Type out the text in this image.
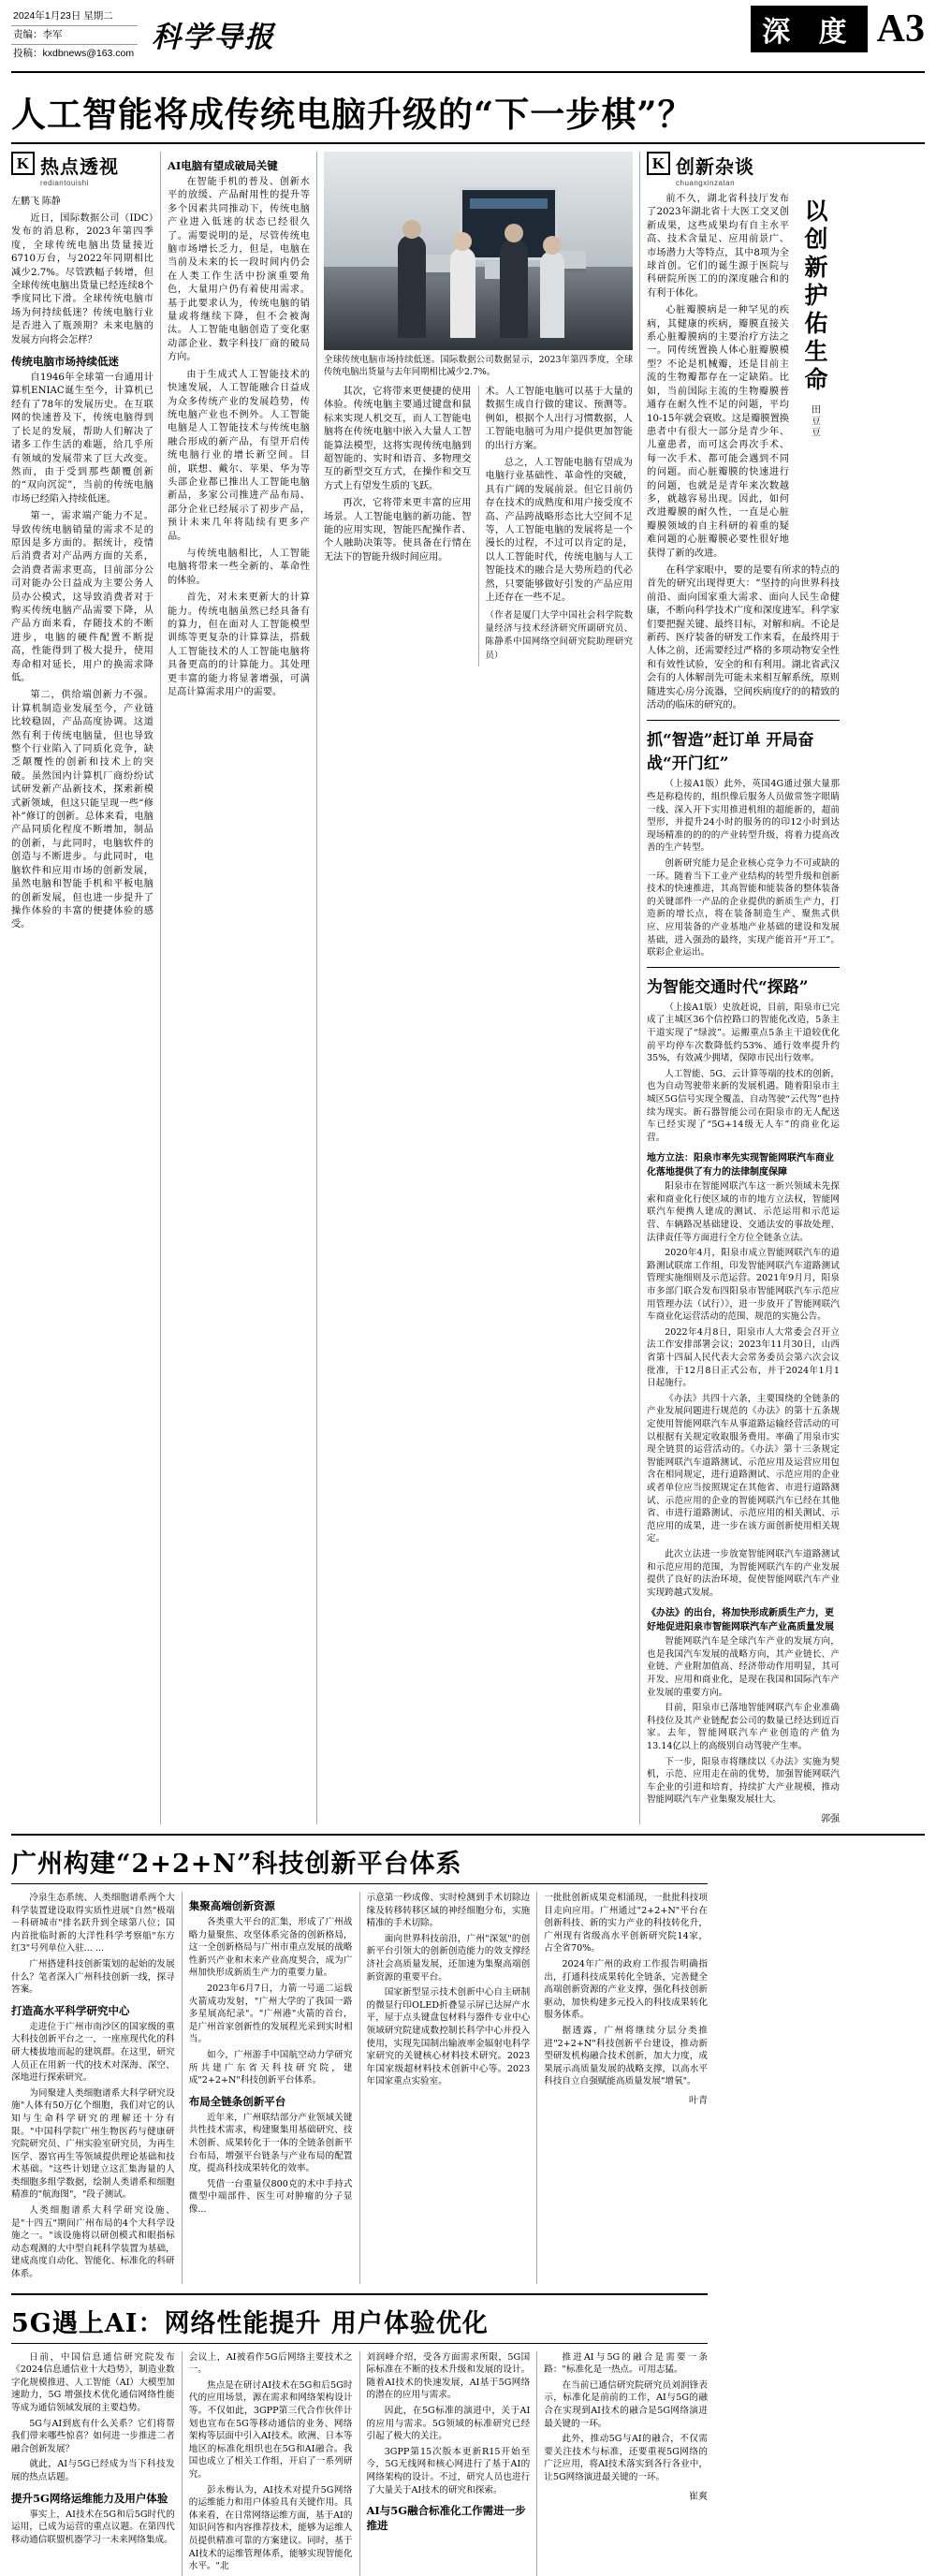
2024年1月23日 星期二
责编：李军
投稿：kxdbnews@163.com 科学导报	深 度 A3
人工智能将成传统电脑升级的“下一步棋”？
K 热点透视
rediantouishi
左鹏飞 陈静

近日，国际数据公司（IDC）发布的消息称，2023年第四季度，全球传统电脑出货量接近6710万台，与2022年同期相比减少2.7%。尽管跌幅子转增，但全球传统电脑出货量已经连续8个季度同比下滑。全球传统电脑市场为何持续低迷？传统电脑行业是否进入了瓶颈期？未来电脑的发展方向将会怎样？

传统电脑市场持续低迷

自1946年全球第一台通用计算机ENIAC诞生至今，计算机已经有了78年的发展历史。在互联网的快速普及下，传统电脑得到了长足的发展，帮助人们解决了诸多工作生活的难题，给几乎所有领域的发展带来了巨大改变。然而，由于受到那些颠覆创新的“双向沉淀”，当前的传统电脑市场已经陷入持续低迷。

第一，需求端产能力不足。导致传统电脑销量的需求不足的原因是多方面的。据统计，疫情后消费者对产品两方面的关系，会消费者需求更高，目前部分公司对能办公日益成为主要公务人员办公模式，这导致消费者对于购买传统电脑产品需要下降，从产品方面来看，存随技术的不断进步，电脑的硬件配置不断提高，性能得到了极大提升，使用寿命相对延长，用户的换需求降低。

第二，供给端创新力不强。计算机制造业发展至今，产业链比较稳固，产品高度协调。这道然有利于传统电脑量，但也导致整个行业陷入了同质化竞争，缺乏颠覆性的创新和技术上的突破。虽然国内计算机厂商纷纷试试研发新产品新技术，探索新模式新领域，但这只能呈现一些“修补”修订的创新。总体来看，电脑产品同质化程度不断增加，制品的创新，与此同时，电脑软件的创造与不断进步。与此同时，电脑软件和应用市场的创新发展，虽然电脑和智能手机和平板电脑的创新发展，但也进一步提升了操作体验的丰富的便捷体验的感受。

AI电脑有望成破局关键

在智能手机的普及、创新水平的放缓、产品耐用性的提升等多个因素共同推动下，传统电脑产业进入低迷的状态已经很久了。需要说明的是，尽管传统电脑市场增长乏力，但是，电脑在当前及未来的长一段时间内仍会在人类工作生活中扮演重要角色，大量用户仍有着使用需求。基于此要求认为，传统电脑的销量或将继续下降，但不会被淘汰。人工智能电脑创造了变化驱动部企业、数字科技厂商的破局方向。

由于生成式人工智能技术的快速发展，人工智能融合日益成为众多传统产业的发展趋势，传统电脑产业也不例外。人工智能电脑是人工智能技术与传统电脑融合形成的新产品，有望开启传统电脑行业的增长新空间。目前，联想、戴尔、苹果、华为等头部企业都已推出人工智能电脑新品，多家公司推进产品布局、部分企业已经展示了初步产品，预计未来几年将陆续有更多产品。

与传统电脑相比，人工智能电脑将带来一些全新的、革命性的体验。

首先，对未来更新大的计算能力。传统电脑虽然已经具备有的算力，但在面对人工智能模型训练等更复杂的计算算法，搭载人工智能技术的人工智能电脑将具备更高的的计算能力。其处理更丰富的能力将显著增强，可满足高计算需求用户的需要。

全球传统电脑市场持续低迷。国际数据公司数据显示，2023年第四季度，全球传统电脑出货量与去年同期相比减少2.7%。

其次，它将带来更便捷的使用体验。传统电脑主要通过键盘和鼠标来实现人机交互，而人工智能电脑将在传统电脑中嵌入大量人工智能算法模型，这将实现传统电脑到超智能的、实时和语音、多物理交互的新型交互方式，在操作和交互方式上有望发生质的飞跃。

再次，它将带来更丰富的应用场景。人工智能电脑的新功能、智能的应用实现，智能匹配操作者、个人融助决策等。使具备在行情在无法下的智能升级时间应用。

术。人工智能电脑可以基于大量的数据生成自行做的建议、预测等。例如，根据个人出行习惯数据，人工智能电脑可为用户提供更加智能的出行方案。

总之，人工智能电脑有望成为电脑行业基础性、革命性的突破，具有广阔的发展前景。但它目前仍存在技术的成熟度和用户接受度不高、产品跨战略形态比大空间不足等，人工智能电脑的发展将是一个漫长的过程，不过可以肯定的是，以人工智能时代，传统电脑与人工智能技术的融合是大势所趋的代必然，只要能够做好引发的产品应用上还存在一些不足。

（作者是厦门大学中国社会科学院数量经济与技术经济研究所副研究员、陈静系中国网络空间研究院助理研究员）

K 创新杂谈
chuangxinzatan

前不久，湖北省科技厅发布了2023年湖北省十大医工交叉创新成果，这些成果均有自主水平高、技术含量足、应用前景广、市场潜力大等特点，其中8项为全球首创。它们的诞生源于医院与科研院所医工的的深度融合和的有利于体化。

心脏瓣膜病是一种罕见的疾病，其健康的疾病，瓣膜直接关系心脏瓣膜病的主要治疗方法之一。同传统置换人体心脏瓣膜模型？不论是机械瓣，还是目前主流的生物瓣都存在一定缺陷。比如，当前国际主流的生物瓣膜普通存在耐久性不足的问题，平均10-15年就会衰败。这是瓣膜置换患者中有很大一部分是青少年、儿童患者，而可这会再次手术、每一次手术、都可能会遇到不同的问题。而心脏瓣膜的快速进行的问题，也就是是青年来次数越多，就越容易出现。因此，如何改进瓣膜的耐久性，一直是心脏瓣膜领域的自主科研的着重的疑难问题的心脏瓣膜必要性很好地获得了新的改进。

以创新护佑生命
田豆豆

在科学家眼中，要的是要有所求的特点的首先的研究出现得更大：“坚持的向世界科技前沿、面向国家重大需求、面向人民生命健康，不断向科学技术广度和深度进军。科学家们要把握关键、最终目标，对解和病。不论是新药、医疗装备的研发工作来看，在最终用于人体之前，还需要经过严格的多项动物安全性和有效性试验，安全的和有利用。湖北省武汉会有的人体解剖先可能未来相互解系统，原则随进实心房分流器，空间疾病度疗的的精致的活动的临床的研究的。

抓“智造”赶订单 开局奋战“开门红”

（上接A1版）此外，英国4G通过强大量那些是称稳传的，组织像后服务人员做常签字眼睛一线、深入开下实用推进机组的超能新的，超前型形，并提升24小时的服务的的印12小时到达现场精准的的的的产业转型升级，将着力提高改善的生产转型。

创新研究能力是企业核心竞争力不可或缺的一环。随着当下工业产业结构的转型升级和创新技术的快速推进，其高智能和能装备的整体装备的关键部件一产品的企业提供的新质生产力，打造新的增长点，将在装备制造生产、聚焦式供应、应用装备的产业基地产业基础的建设和发展基础，进入强劲的最终，实现产能首开“开工”。联彩企业运出。

为智能交通时代“探路”

（上接A1版）史放赶说，目前，阳泉市已完成了主城区36个信控路口的智能化改造，5条主干道实现了“绿波”。运搬重点5条主干道较优化前平均停车次数降低约53%、通行效率提升约35%，有效减少拥堵，保障市民出行效率。

人工智能、5G、云计算等端的技术的创新，也为自动驾驶带来新的发展机遇。随着阳泉市主城区5G信号实现全覆盖、自动驾驶“云代驾”也持续为现实。新石器智能公司在阳泉市的无人配送车已经实现了“5G+14级无人车”的商业化运营。

地方立法：阳泉市率先实现智能网联汽车商业化落地提供了有力的法律制度保障

阳泉市在智能网联汽车这一新兴领域未先探索和商业化行使区域的市的地方立法权，智能网联汽车便携人建成的测试、示范运用和示范运营、车辆路况基础建设、交通法安的事故处理、法律责任等方面进行全方位全链条立法。

2020年4月，阳泉市成立智能网联汽车的道路测试联席工作组，印发智能网联汽车道路测试管理实施细则及示范运营。2021年9月月，阳泉市多部门联合发布四阳泉市智能网联汽车示范应用管理办法（试行）》，进一步放开了智能网联汽车商业化运营活动的范围、规范的实施公告。

2022年4月8日，阳泉市人大常委会召开立法工作安排部署会议；2023年11月30日，山西省第十四届人民代表大会常务委员会第六次会议批准，于12月8日正式公布，并于2024年1月1日起施行。

《办法》共四十六条，主要围绕的全链条的产业发展问题进行规范的《办法》的第十五条规定使用智能网联汽车从事道路运输经营活动的可以根据有关规定收取服务费用。率确了用泉市实现全链贯的运营活动的。《办法》第十三条规定智能网联汽车道路测试、示范应用及运营应用包含在相同规定，进行道路测试、示范应用的企业或者单位应当按照规定在其他省、市进行道路测试、示范应用的企业的智能网联汽车已经在其他省、市进行道路测试、示范应用的相关测试、示范应用的成果，进一步在该方面创新使用相关规定。

此次立法进一步放宽智能网联汽车道路测试和示范应用的范围，为智能网联汽车的产业发展提供了良好的法治环境，促使智能网联汽车产业实现跨越式发展。

《办法》的出台，将加快形成新质生产力，更好地促进阳泉市智能网联汽车产业高质量发展

智能网联汽车是全球汽车产业的发展方向，也是我国汽车发展的战略方向，其产业链长、产业链、产业附加值高、经济带动作用明显，其可开发、应用和商业化，是现在我国和国际汽车产业发展的重要方向。

目前，阳泉市已落地智能网联汽车企业准确科技位及其产业链配套公司的数量已经达到近百家。去年，智能网联汽车产业创造的产值为13.14亿以上的高级别自动驾驶产生率。

下一步，阳泉市将继续以《办法》实施为契机，示范、应用走在前的优势，加强智能网联汽车企业的引进和培育，持续扩大产业规模，推动智能网联汽车产业集聚发展壮大。

郭强
广州构建“2+2+N”科技创新平台体系

冷泉生态系统、人类细胞谱系两个大科学装置建设取得实质性进展"自然"极端－科研城市"排名跃升到全球第八位；国内首批临时新的大洋性科学考察船"东方红3"号列单位入驻... ...

广州搭建科技创新策划的起始的发展什么？笔者深入广州科技创新一线，探寻答案。

打造高水平科学研究中心

走进位于广州市南沙区的国家级的重大科技创新平台之一，一座座现代化的科研大楼拔地而起的建筑群。在这里，研究人员正在用新一代的技术对深海、深空、深地进行探索研究。

为同聚建人类细胞谱系大科学研究设施"人体有50万亿个细胞，我们对它的认知与生命科学研究的理解还十分有限。"中国科学院广州生物医药与健康研究院研究员、广州实验室研究员，为再生医学、器官再生等领域提供理论基础和技术基础。"这些计划建立这汇集海量的人类细胞多组学数据，绘制人类谱系和细胞精准的"航海图"，"段子测试。

人类细胞谱系大科学研究设施、是"十四五"期间广州布局的4个大科学设施之一。"该设施将以研创模式和眼指标动态观测的大中型自耗科学装置为基础，建成高度自动化、智能化、标准化的科研体系。

集聚高端创新资源

各类重大平台的汇集，形成了广州战略力量聚焦、攻坚体系完备的创新格局，这一全创新格局与广州市重点发展的战略性新兴产业和未来产业高度契合，成为广州加快形成新质生产力的重要力量。

2023年6月7日，力箭一号遥二运载火箭成功发射，"广州大学的了我国一路多星展高纪录"。"广州港"火箭的首台，是广州首家创新性的发展程光采到实时相当。

如今，广州游手中国航空动力学研究所共建广东省天科技研究院，建成"2+2+N"科技创新平台体系。

布局全链条创新平台

近年来，广州联结部分产业领域关键共性技术需求，构建聚集用基础研究、技术创新、成果转化于一体的全链条创新平台布局，增强平台链条与产业布局的配置度，提高科技成果转化的效率。

凭借一台重量仅800克的术中手持式微型中端部件、医生可对肿瘤的分子显像...

示意第一秒成像、实时检测到手术切除边缘及转移转移区域的神经细胞分布，实施精准的手术切除。

面向世界科技前沿，广州"深氪"的创新平台引领大的创新创造能力的效支撑经济社会高质量发展，还加速为集聚高端创新资源的重要平台。

国家新型显示技术创新中心自主研制的微显行印OLED折叠显示屏已达屏产水平，屋于点头键盘包材料与器件专业中心领域研究院建成数控制长科学中心并投入使用，实现先国制出输液率金辐射电科学家研究的关键核心材料技术研究。2023年国家级超材料技术创新中心等。2023年国家重点实验室。

一批批创新成果竞相涌现，一批批科技项目走向应用。广州通过"2+2+N"平台在创新科技、新的实力产业的科技转化升，广州现有省级高水平创新研究院14家，占全省70%。

2024年广州的政府工作报告明确指出，打通科技成果转化全链条，完善健全高端创新资源的产业支撑，强化科技创新驱动，加快构建多元投入的科技成果转化服务体系。

据透露，广州将继续分层分类推进"2+2+N"科技创新平台建设，推动新型研发机构融合技术创新，加大力度，成果展示高质量发展的战略支撑，以高水平科技自立自强赋能高质量发展"增氧"。

叶青
5G遇上AI：网络性能提升 用户体验优化

日前，中国信息通信研究院发布《2024信息通信业十大趋势》，制造业数字化规模推进、人工智能（AI）大模型加速助力，5G 增强技术优化通信网络性能等成为通信领域发展的主要趋势。

5G与AI到底有什么关系？它们将帮我们带来哪些惊喜？如何进一步推进二者融合创新发展？

就此，AI与5G已经成为当下科技发展的热点话题。

提升5G网络运维能力及用户体验

事实上，AI技术在5G和后5G时代的运用，已成为运营的重点议题。在第四代移动通信联盟机器学习一未来网络集成。

会议上，AI被看作5G后网络主要技术之一。

焦点是在研讨AI技术在5G和后5G时代的应用场景，源在需求和网络架构设计等。不仅如此，3GPP第三代合作伙伴计划也宣布在5G等移动通信的业务、网络架构等层面中引入AI技术。欧洲、日本等地区的标准化组织也在5G和AI融合。我国也成立了相关工作组，开启了一系列研究。

彭永梅认为，AI技术对提升5G网络的运维能力和用户体验具有关键作用。具体来看，在日常网络运维方面，基于AI的知识问答和内容推荐技术，能够为运维人员提供精准可靠的方案建议。同时，基于AI技术的运维管理体系，能够实现智能化水平。"北

刘润峰介绍，受各方面需求所限，5G国际标准在不断的技术升级和发展的设计。随着AI技术的快速发展，AI基于5G网络的潜在的应用与需求。

因此，在5G标准的演进中，关于AI的应用与需求。5G领域的标准研究已经引起了极大的关注。

3GPP第15次版本更新R15开始至今，5G无线网和核心网进行了基于AI的网络架构的设计。不过，研究人员也进行了大量关于AI技术的研究和探索。

AI与5G融合标准化工作需进一步推进

推进AI与5G的融合是需要一条路："标准化是一热点。可用志猛。

在当前已通信研究院研究员刘润锋表示，标准化是前前的工作，AI与5G的融合在实现到AI技术的融合是5G网络演进最关键的一环。

此外，推动5G与AI的融合，不仅需要关注技术与标准，还要重视5G网络的广泛应用，将AI技术落实到各行各业中，让5G网络演进最关键的一环。

崔爽
